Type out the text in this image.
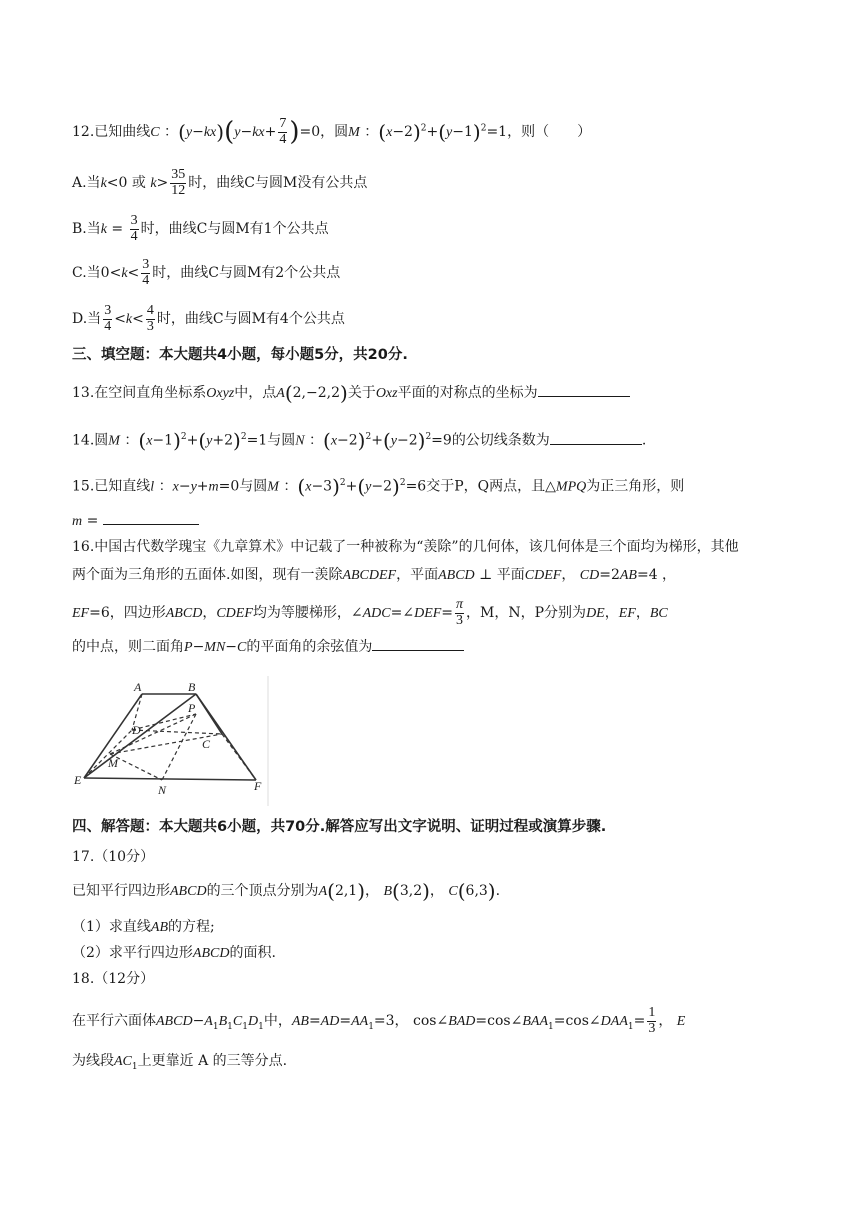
12.已知曲线C ：$(y-kx)(y-kx+ \frac{7}{4} )=0$，圆M ：$(x-2)^2+(y-1)^2=1$，则（　　）
A.当k<0 或 $k> \frac{35}{12}$ 时，曲线C与圆M没有公共点
B.当$k = \frac{3}{4}$ 时，曲线C与圆M有1个公共点
C.当$0<k< \frac{3}{4}$ 时，曲线C与圆M有2个公共点
D.当 $\frac{3}{4} <k< \frac{4}{3}$ 时，曲线C与圆M有4个公共点
三、填空题：本大题共4小题，每小题5分，共20分.
13.在空间直角坐标系Oxyz中，点A(2,−2,2)关于Oxz平面的对称点的坐标为
14.圆M ：$(x-1)^2+(y+2)^2=1$与圆N ：$(x-2)^2+(y-2)^2=9$的公切线条数为	.
15.已知直线l ：x−y+m=0与圆M ：$(x-3)^2+(y-2)^2=6$交于P，Q两点，且△MPQ为正三角形，则
m =
16.中国古代数学瑰宝《九章算术》中记载了一种被称为“羡除”的几何体，该几何体是三个面均为梯形，其他
两个面为三角形的五面体.如图，现有一羡除ABCDEF，平面ABCD ⊥ 平面CDEF， CD=2AB=4 ，
EF=6，四边形ABCD，CDEF均为等腰梯形，∠ADC=∠DEF= $\frac{\pi}{3}$ ，M，N，P分别为DE，EF，BC
的中点，则二面角P−MN−C的平面角的余弦值为
A	B
P
D
C
M
E
N	F
四、解答题：本大题共6小题，共70分.解答应写出文字说明、证明过程或演算步骤.
17.（10分）
已知平行四边形ABCD的三个顶点分别为A(2,1)， B(3,2)， C(6,3).
（1）求直线AB的方程;
（2）求平行四边形ABCD的面积.
18.（12分）
在平行六面体$ABCD-A_1B_1C_1D_1$中，$AB=AD=AA_1=3$， $\cos\angle BAD=\cos\angle BAA_1=\cos\angle DAA_1= \frac{1}{3}$ ， E
为线段$AC_1$上更靠近 A 的三等分点.
